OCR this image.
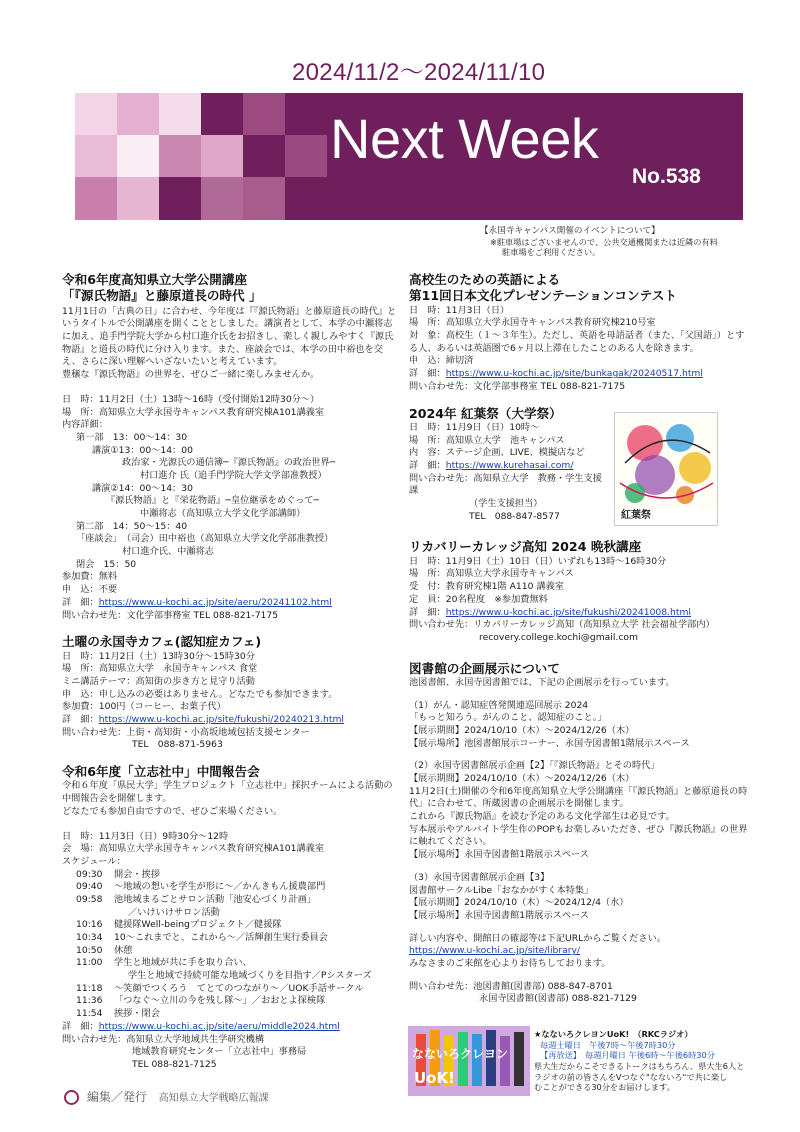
2024/11/2〜2024/11/10
Next Week
No.538
【永国寺キャンパス開催のイベントについて】
※駐車場はございませんので、公共交通機関または近隣の有料
駐車場をご利用ください。
令和6年度高知県立大学公開講座
「『源氏物語』と藤原道長の時代 」
11月1日の「古典の日」に合わせ、今年度は『『源氏物語』と藤原道長の時代』というタイトルで公開講座を開くこととしました。講演者として、本学の中瀬将志に加え、追手門学院大学から村口進介氏をお招きし、楽しく親しみやすく『源氏物語』と道長の時代に分け入ります。また、座談会では、本学の田中裕也を交え、さらに深い理解へいざないたいと考えています。
豊穣な『源氏物語』の世界を、ぜひご一緒に楽しみませんか。
日　時：11月2日（土）13時～16時（受付開始12時30分～）
場　所：高知県立大学永国寺キャンパス教育研究棟A101講義室
内容詳細：
第一部　13：00～14：30
講演①13：00～14：00
政治家・光源氏の通信簿─『源氏物語』の政治世界─
村口進介 氏（追手門学院大学文学部准教授）
講演②14：00～14：30
『源氏物語』と『栄花物語』─皇位継承をめぐって─
中瀬将志（高知県立大学文化学部講師）
第二部　14：50～15：40
「座談会」　（司会）田中裕也（高知県立大学文化学部准教授）
村口進介氏、中瀬将志
閉会　15：50
参加費：無料
申　込：不要
詳　細：https://www.u-kochi.ac.jp/site/aeru/20241102.html
問い合わせ先：文化学部事務室 TEL 088-821-7175
土曜の永国寺カフェ(認知症カフェ)
日　時：11月2日（土）13時30分～15時30分
場　所：高知県立大学　永国寺キャンパス 食堂
ミニ講話テーマ：高知街の歩き方と見守り活動
申　込：申し込みの必要はありません。どなたでも参加できます。
参加費：100円（コーヒー、お菓子代）
詳　細：https://www.u-kochi.ac.jp/site/fukushi/20240213.html
問い合わせ先：上街・高知街・小高坂地域包括支援センター
TEL　088-871-5963
令和6年度「立志社中」中間報告会
令和６年度「県民大学」学生プロジェクト「立志社中」採択チームによる活動の中間報告会を開催します。
どなたでも参加自由ですので、ぜひご来場ください。
日　時：11月3日（日）9時30分～12時
会　場：高知県立大学永国寺キャンパス教育研究棟A101講義室
スケジュール：
09:30	開会・挨拶
09:40	～地域の想いを学生が形に～／かんきもん援農部門
09:58	池地域まるごとサロン活動「池安心づくり計画」
／いけいけサロン活動
10:16	健援隊Well-beingプロジェクト／健援隊
10:34	10～これまでと、これから～／活輝創生実行委員会
10:50	休憩
11:00	学生と地域が共に手を取り合い、
学生と地域で持続可能な地域づくりを目指す／Pシスターズ
11:18	～笑顔でつくろう　てとてのつながり～／UOK手話サークル
11:36	「つなぐ～立川の今を残し隊～」／おおとよ探検隊
11:54	挨拶・閉会
詳　細：https://www.u-kochi.ac.jp/site/aeru/middle2024.html
問い合わせ先：高知県立大学地域共生学研究機構
地域教育研究センター「立志社中」事務局
TEL 088-821-7125
高校生のための英語による
第11回日本文化プレゼンテーションコンテスト
日　時：11月3日（日）
場　所：高知県立大学永国寺キャンパス教育研究棟210号室
対　象：高校生（１～３年生）。ただし、英語を母語話者（また、「父国語」）とする人、あるいは英語圏で6ヶ月以上滞在したことのある人を除きます。
申　込：締切済
詳　細：https://www.u-kochi.ac.jp/site/bunkagak/20240517.html
問い合わせ先：文化学部事務室 TEL 088-821-7175
2024年 紅葉祭（大学祭）
日　時：11月9日（日）10時～
場　所：高知県立大学　池キャンパス
内　容：ステージ企画、LIVE、模擬店など
詳　細：https://www.kurehasai.com/
問い合わせ先：高知県立大学　教務・学生支援課
（学生支援担当）
TEL　088-847-8577
リカバリーカレッジ高知 2024 晩秋講座
日　時：11月9日（土）10日（日）いずれも13時～16時30分
場　所：高知県立大学永国寺キャンパス
受　付：教育研究棟1階 A110 講義室
定　員：20名程度　※参加費無料
詳　細：https://www.u-kochi.ac.jp/site/fukushi/20241008.html
問い合わせ先：リカバリーカレッジ高知（高知県立大学 社会福祉学部内）
recovery.college.kochi@gmail.com
図書館の企画展示について
池図書館、永国寺図書館では、下記の企画展示を行っています。
（1）がん・認知症啓発関連巡回展示 2024
「もっと知ろう。がんのこと、認知症のこと。」
【展示期間】2024/10/10（木）～2024/12/26（木）
【展示場所】池図書館展示コーナー、永国寺図書館1階展示スペース
（2）永国寺図書館展示企画【2】「『源氏物語』とその時代」
【展示期間】2024/10/10（木）～2024/12/26（木）
11月2日(土)開催の令和6年度高知県立大学公開講座「『源氏物語』と藤原道長の時代」に合わせて、所蔵図書の企画展示を開催します。
これから『源氏物語』を読む予定のある文化学部生は必見です。
写本展示やアルバイト学生作のPOPもお楽しみいただき、ぜひ『源氏物語』の世界に触れてください。
【展示場所】永国寺図書館1階展示スペース
（3）永国寺図書館展示企画【3】
図書館サークルLibe「おなかがすく本特集」
【展示期間】2024/10/10（木）～2024/12/4（水）
【展示場所】永国寺図書館1階展示スペース
詳しい内容や、開館日の確認等は下記URLからご覧ください。
https://www.u-kochi.ac.jp/site/library/
みなさまのご来館を心よりお待ちしております。
問い合わせ先：池図書館(図書部) 088-847-8701
永国寺図書館(図書部) 088-821-7129
紅葉祭
なないろクレヨン
UoK!
★なないろクレヨンUoK!　（RKCラジオ）
毎週土曜日　午後7時～午後7時30分
【再放送】　毎週月曜日 午後6時～午後6時30分
県大生だからこそできるトークはもちろん、県大生6人と
ラジオの前の皆さんをVつなぐ"なないろ"で共に楽し
むことができる30分をお届けします。
編集／発行 高知県立大学戦略広報課
